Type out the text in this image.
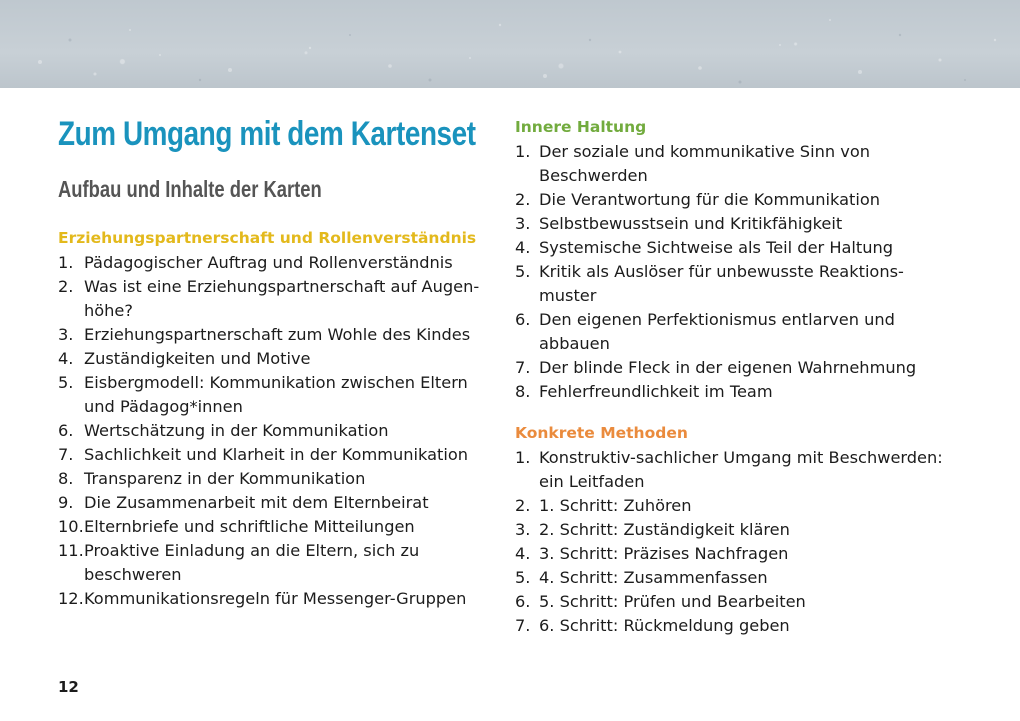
Zum Umgang mit dem Kartenset
Aufbau und Inhalte der Karten
Erziehungspartnerschaft und Rollenverständnis
1. Pädagogischer Auftrag und Rollenverständnis
2. Was ist eine Erziehungspartnerschaft auf Augen-
höhe?
3. Erziehungspartnerschaft zum Wohle des Kindes
4. Zuständigkeiten und Motive
5. Eisbergmodell: Kommunikation zwischen Eltern
und Pädagog*innen
6. Wertschätzung in der Kommunikation
7. Sachlichkeit und Klarheit in der Kommunikation
8. Transparenz in der Kommunikation
9. Die Zusammenarbeit mit dem Elternbeirat
10. Elternbriefe und schriftliche Mitteilungen
11. Proaktive Einladung an die Eltern, sich zu
beschweren
12. Kommunikationsregeln für Messenger-Gruppen
Innere Haltung
1. Der soziale und kommunikative Sinn von
Beschwerden
2. Die Verantwortung für die Kommunikation
3. Selbstbewusstsein und Kritikfähigkeit
4. Systemische Sichtweise als Teil der Haltung
5. Kritik als Auslöser für unbewusste Reaktions-
muster
6. Den eigenen Perfektionismus entlarven und
abbauen
7. Der blinde Fleck in der eigenen Wahrnehmung
8. Fehlerfreundlichkeit im Team
Konkrete Methoden
1. Konstruktiv-sachlicher Umgang mit Beschwerden:
ein Leitfaden
2. 1. Schritt: Zuhören
3. 2. Schritt: Zuständigkeit klären
4. 3. Schritt: Präzises Nachfragen
5. 4. Schritt: Zusammenfassen
6. 5. Schritt: Prüfen und Bearbeiten
7. 6. Schritt: Rückmeldung geben
12
